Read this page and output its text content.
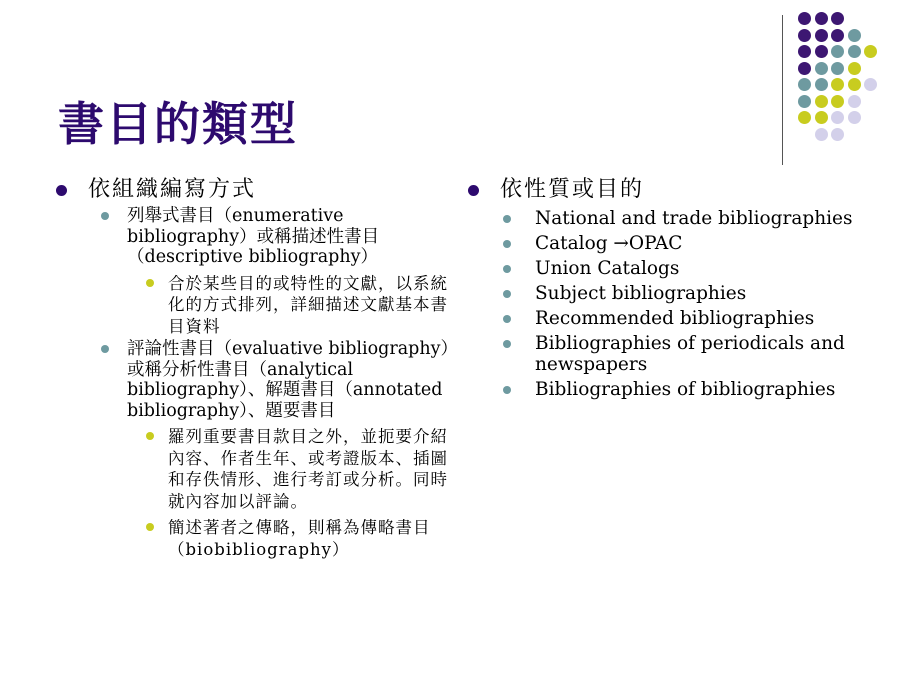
書目的類型
依組織編寫方式
列舉式書目（enumerative bibliography）或稱描述性書目（descriptive bibliography）
合於某些目的或特性的文獻，以系統化的方式排列，詳細描述文獻基本書目資料
評論性書目（evaluative bibliography）或稱分析性書目（analytical bibliography）、解題書目（annotated bibliography）、題要書目
羅列重要書目款目之外，並扼要介紹內容、作者生年、或考證版本、插圖和存佚情形、進行考訂或分析。同時就內容加以評論。
簡述著者之傳略，則稱為傳略書目（biobibliography）
依性質或目的
National and trade bibliographies
Catalog →OPAC
Union Catalogs
Subject bibliographies
Recommended bibliographies
Bibliographies of periodicals and newspapers
Bibliographies of bibliographies
